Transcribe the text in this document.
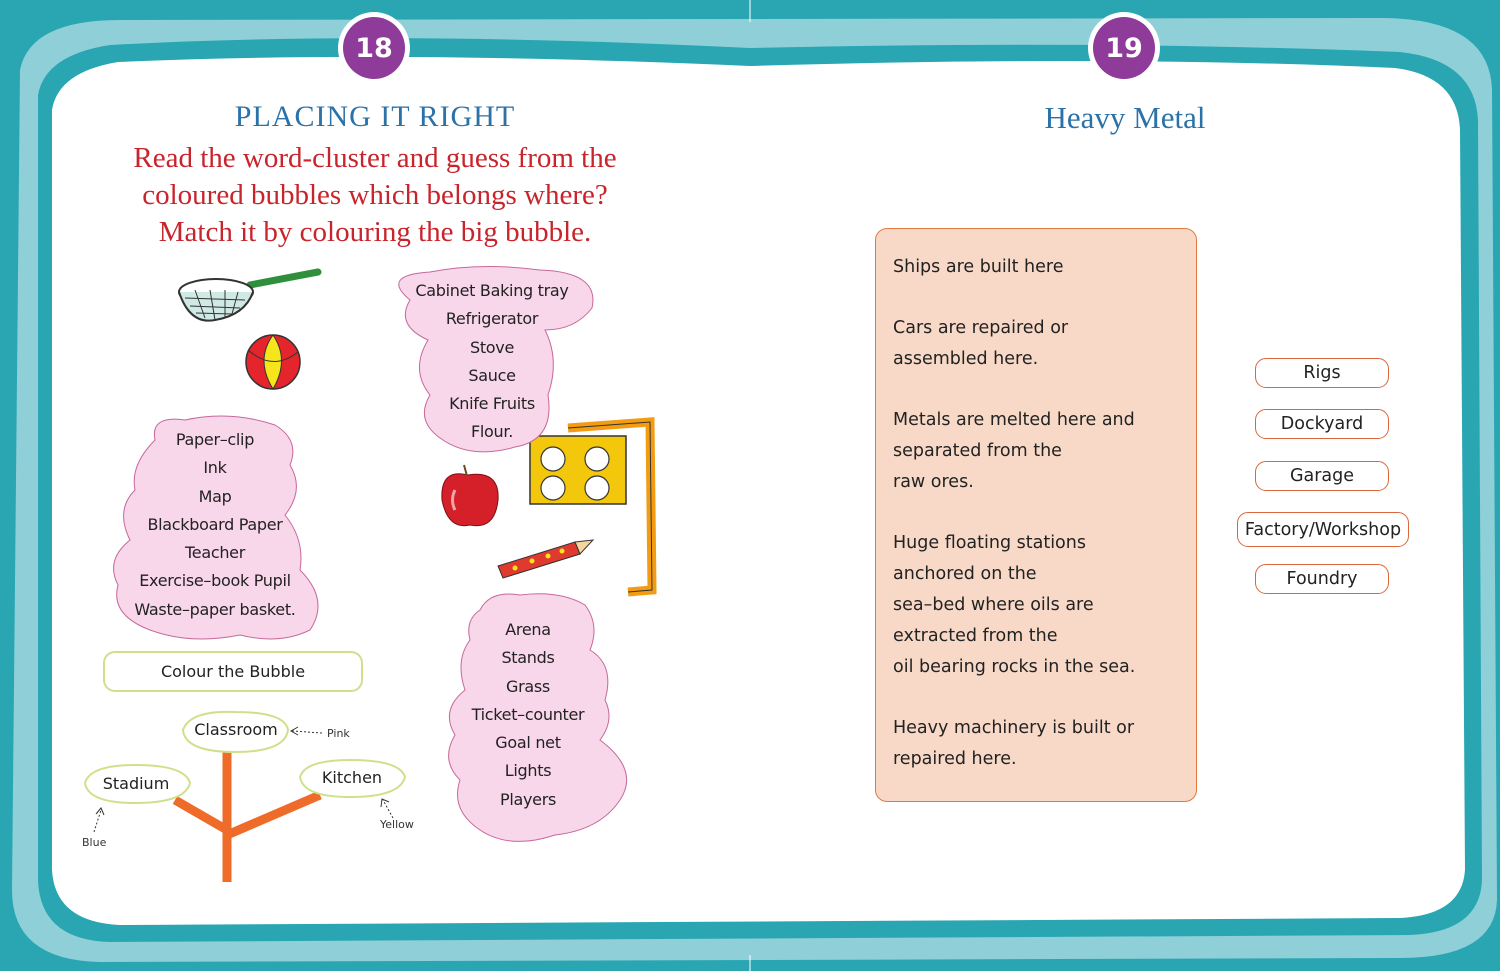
18	19
PLACING IT RIGHT
Read the word-cluster and guess from the
coloured bubbles which belongs where?
Match it by colouring the big bubble.
Cabinet Baking tray
Refrigerator
Stove
Sauce
Knife Fruits
Flour.
Paper–clip
Ink
Map
Blackboard Paper
Teacher
Exercise–book Pupil
Waste–paper basket.
Arena
Stands
Grass
Ticket–counter
Goal net
Lights
Players
Colour the Bubble
Classroom
Stadium	Kitchen
Pink
Blue
Yellow
Heavy Metal

Ships are built here

Cars are repaired or
assembled here.

Metals are melted here and
separated from the
raw ores.

Huge floating stations
anchored on the
sea–bed where oils are
extracted from the
oil bearing rocks in the sea.

Heavy machinery is built or
repaired here.

Rigs
Dockyard
Garage
Factory/Workshop
Foundry
